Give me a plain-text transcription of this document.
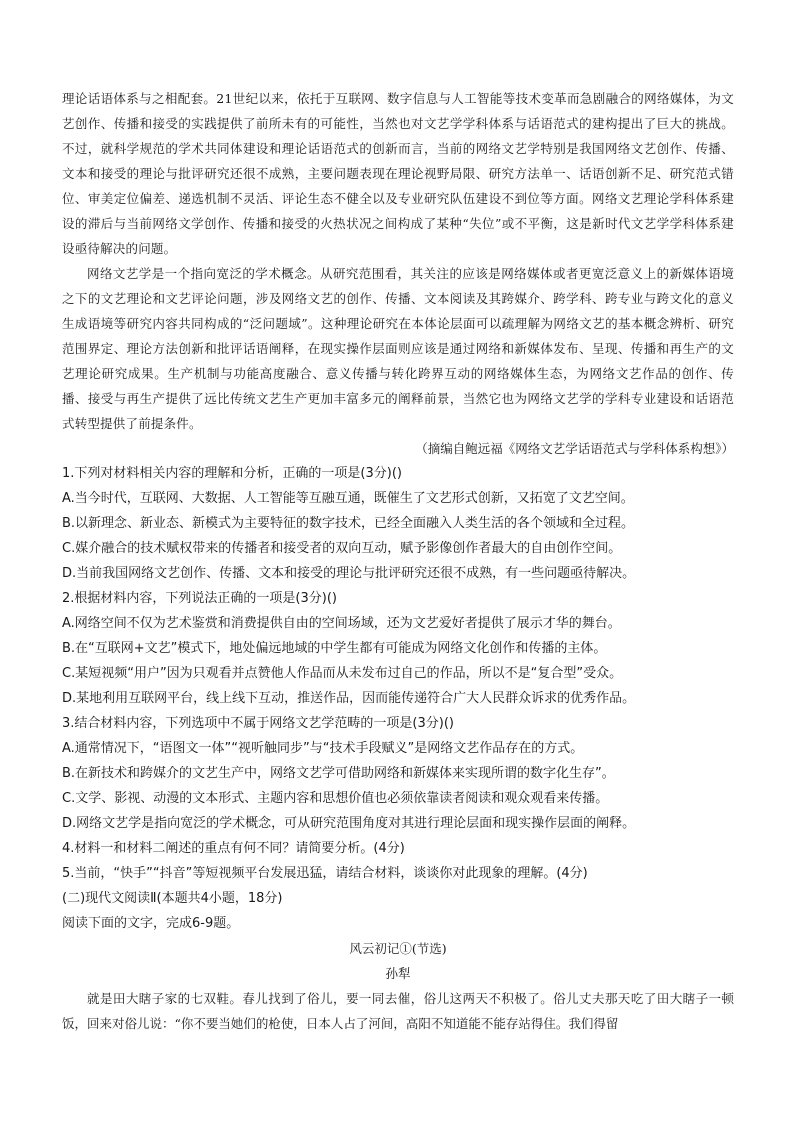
理论话语体系与之相配套。21世纪以来，依托于互联网、数字信息与人工智能等技术变革而急剧融合的网络媒体，为文艺创作、传播和接受的实践提供了前所未有的可能性，当然也对文艺学学科体系与话语范式的建构提出了巨大的挑战。不过，就科学规范的学术共同体建设和理论话语范式的创新而言，当前的网络文艺学特别是我国网络文艺创作、传播、文本和接受的理论与批评研究还很不成熟，主要问题表现在理论视野局限、研究方法单一、话语创新不足、研究范式错位、审美定位偏差、递选机制不灵活、评论生态不健全以及专业研究队伍建设不到位等方面。网络文艺理论学科体系建设的滞后与当前网络文学创作、传播和接受的火热状况之间构成了某种“失位”或不平衡，这是新时代文艺学学科体系建设亟待解决的问题。

网络文艺学是一个指向宽泛的学术概念。从研究范围看，其关注的应该是网络媒体或者更宽泛意义上的新媒体语境之下的文艺理论和文艺评论问题，涉及网络文艺的创作、传播、文本阅读及其跨媒介、跨学科、跨专业与跨文化的意义生成语境等研究内容共同构成的“泛问题域”。这种理论研究在本体论层面可以疏理解为网络文艺的基本概念辨析、研究范围界定、理论方法创新和批评话语阐释，在现实操作层面则应该是通过网络和新媒体发布、呈现、传播和再生产的文艺理论研究成果。生产机制与功能高度融合、意义传播与转化跨界互动的网络媒体生态，为网络文艺作品的创作、传播、接受与再生产提供了远比传统文艺生产更加丰富多元的阐释前景，当然它也为网络文艺学的学科专业建设和话语范式转型提供了前提条件。

（摘编自鲍远福《网络文艺学话语范式与学科体系构想》）

1.下列对材料相关内容的理解和分析，正确的一项是(3分)()

A.当今时代，互联网、大数据、人工智能等互融互通，既催生了文艺形式创新，又拓宽了文艺空间。

B.以新理念、新业态、新模式为主要特征的数字技术，已经全面融入人类生活的各个领域和全过程。

C.媒介融合的技术赋权带来的传播者和接受者的双向互动，赋予影像创作者最大的自由创作空间。

D.当前我国网络文艺创作、传播、文本和接受的理论与批评研究还很不成熟，有一些问题亟待解决。

2.根据材料内容，下列说法正确的一项是(3分)()

A.网络空间不仅为艺术鉴赏和消费提供自由的空间场域，还为文艺爱好者提供了展示才华的舞台。

B.在“互联网+文艺”模式下，地处偏远地域的中学生都有可能成为网络文化创作和传播的主体。

C.某短视频“用户”因为只观看并点赞他人作品而从未发布过自己的作品，所以不是“复合型”受众。

D.某地利用互联网平台，线上线下互动，推送作品，因而能传递符合广大人民群众诉求的优秀作品。

3.结合材料内容，下列选项中不属于网络文艺学范畴的一项是(3分)()

A.通常情况下，“语图文一体”“视听触同步”与“技术手段赋义”是网络文艺作品存在的方式。

B.在新技术和跨媒介的文艺生产中，网络文艺学可借助网络和新媒体来实现所谓的数字化生存”。

C.文学、影视、动漫的文本形式、主题内容和思想价值也必须依靠读者阅读和观众观看来传播。

D.网络文艺学是指向宽泛的学术概念，可从研究范围角度对其进行理论层面和现实操作层面的阐释。

4.材料一和材料二阐述的重点有何不同？请简要分析。(4分)

5.当前，“快手”“抖音”等短视频平台发展迅猛，请结合材料，谈谈你对此现象的理解。(4分)

(二)现代文阅读Ⅱ(本题共4小题，18分)

阅读下面的文字，完成6-9题。

风云初记①(节选)

孙犁

就是田大瞎子家的七双鞋。春儿找到了俗儿，要一同去催，俗儿这两天不积极了。俗儿丈夫那天吃了田大瞎子一顿饭，回来对俗儿说：“你不要当她们的枪使，日本人占了河间，高阳不知道能不能存站得住。我们得留
